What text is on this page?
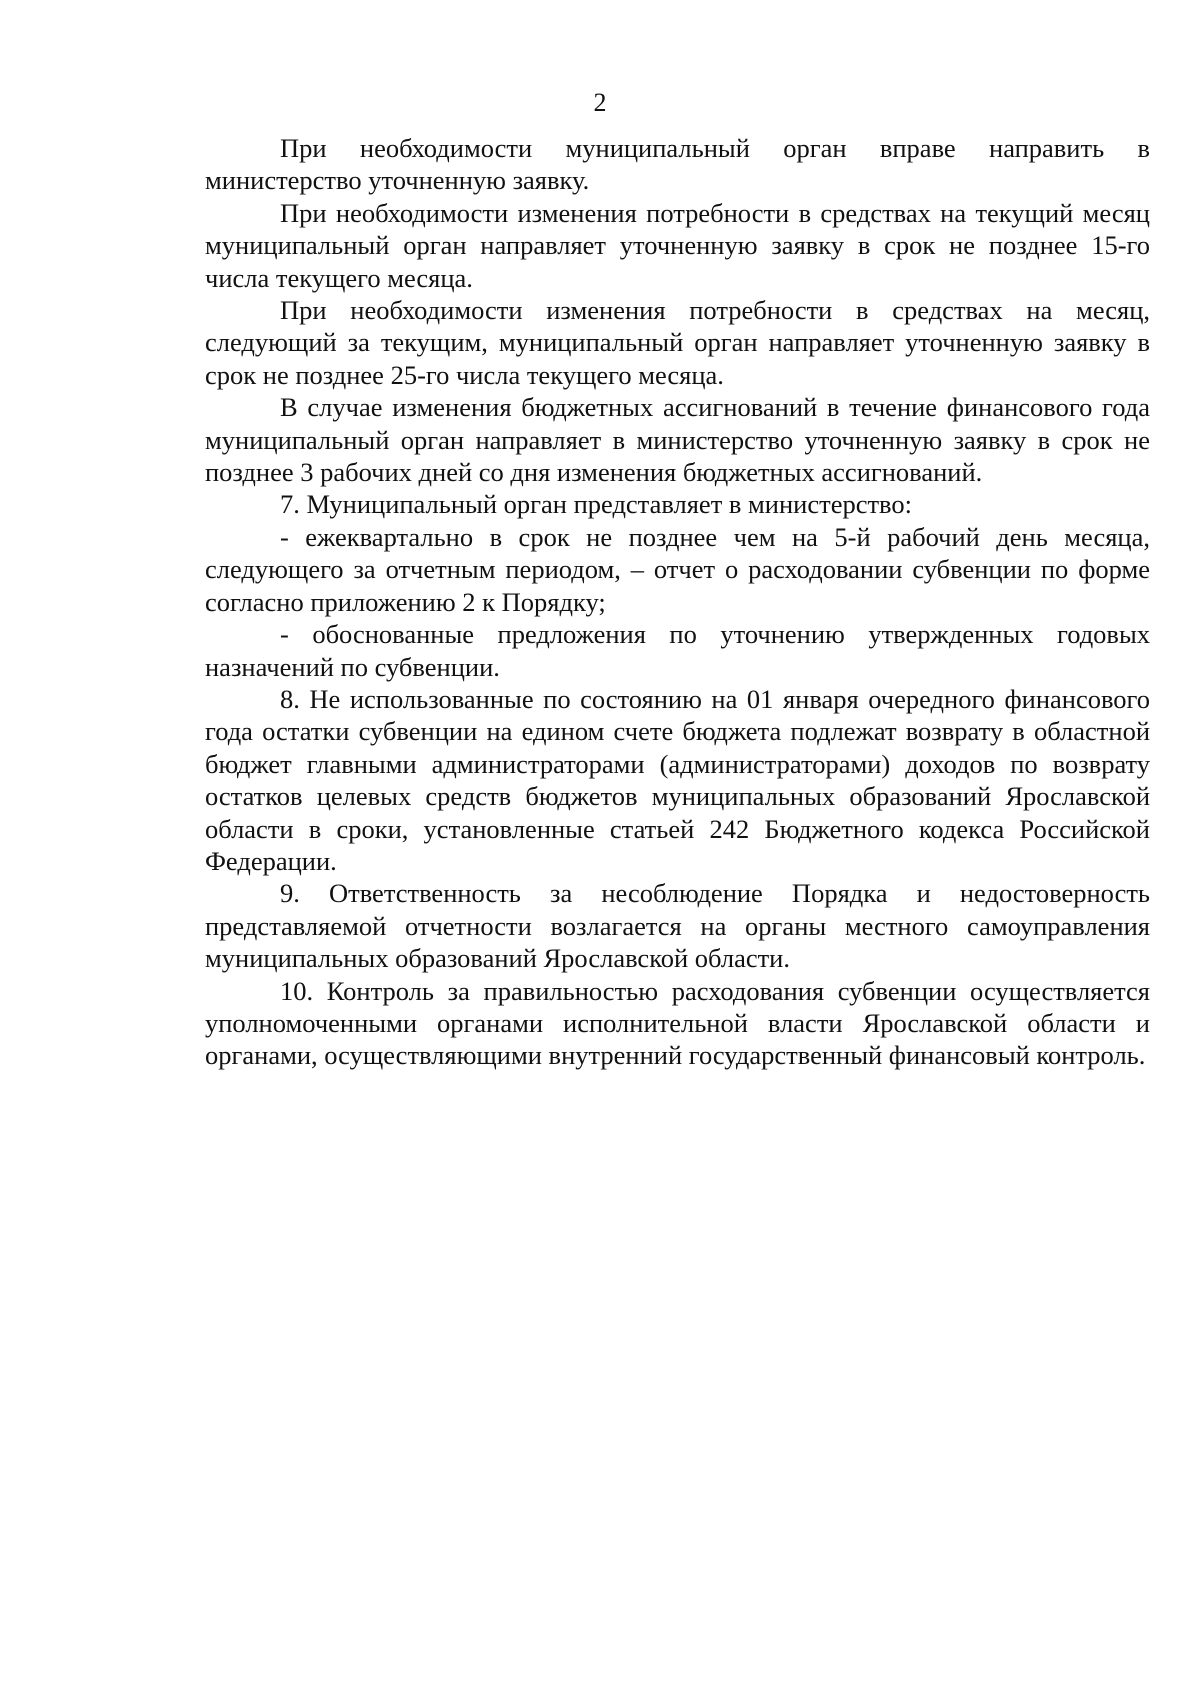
2

При необходимости муниципальный орган вправе направить в министерство уточненную заявку.

При необходимости изменения потребности в средствах на текущий месяц муниципальный орган направляет уточненную заявку в срок не позднее 15-го числа текущего месяца.

При необходимости изменения потребности в средствах на месяц, следующий за текущим, муниципальный орган направляет уточненную заявку в срок не позднее 25-го числа текущего месяца.

В случае изменения бюджетных ассигнований в течение финансового года муниципальный орган направляет в министерство уточненную заявку в срок не позднее 3 рабочих дней со дня изменения бюджетных ассигнований.

7. Муниципальный орган представляет в министерство:

- ежеквартально в срок не позднее чем на 5-й рабочий день месяца, следующего за отчетным периодом, – отчет о расходовании субвенции по форме согласно приложению 2 к Порядку;

- обоснованные предложения по уточнению утвержденных годовых назначений по субвенции.

8. Не использованные по состоянию на 01 января очередного финансового года остатки субвенции на едином счете бюджета подлежат возврату в областной бюджет главными администраторами (администраторами) доходов по возврату остатков целевых средств бюджетов муниципальных образований Ярославской области в сроки, установленные статьей 242 Бюджетного кодекса Российской Федерации.

9. Ответственность за несоблюдение Порядка и недостоверность представляемой отчетности возлагается на органы местного самоуправления муниципальных образований Ярославской области.

10. Контроль за правильностью расходования субвенции осуществляется уполномоченными органами исполнительной власти Ярославской области и органами, осуществляющими внутренний государственный финансовый контроль.
